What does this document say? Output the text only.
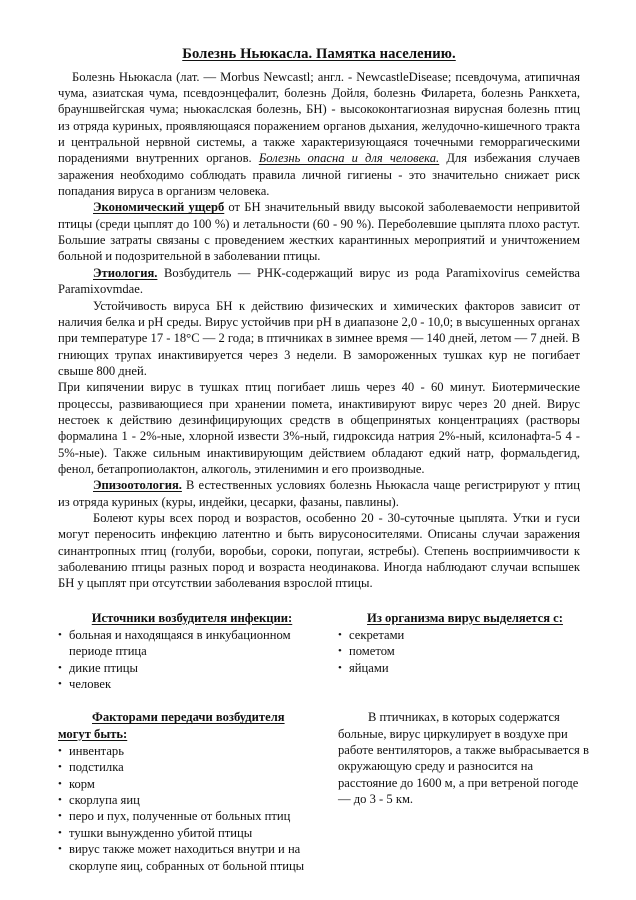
Болезнь Ньюкасла. Памятка населению.

Болезнь Ньюкасла (лат. — Morbus Newcastl; англ. - NewcastleDisease; псевдочума, атипичная чума, азиатская чума, псевдоэнцефалит, болезнь Дойля, болезнь Филарета, болезнь Ранкхета, брауншвейгская чума; ньюкаслская болезнь, БН) - высококонтагиозная вирусная болезнь птиц из отряда куриных, проявляющаяся поражением органов дыхания, желудочно-кишечного тракта и центральной нервной системы, а также характеризующаяся точечными геморрагическими порадениями внутренних органов. Болезнь опасна и для человека. Для избежания случаев заражения необходимо соблюдать правила личной гигиены - это значительно снижает риск попадания вируса в организм человека.

Экономический ущерб от БН значительный ввиду высокой заболеваемости непривитой птицы (среди цыплят до 100 %) и летальности (60 - 90 %). Переболевшие цыплята плохо растут. Большие затраты связаны с проведением жестких карантинных мероприятий и уничтожением больной и подозрительной в заболевании птицы.

Этиология. Возбудитель — РНК-содержащий вирус из рода Paramixovirus семейства Paramixovmdae.

Устойчивость вируса БН к действию физических и химических факторов зависит от наличия белка и рН среды. Вирус устойчив при рН в диапазоне 2,0 - 10,0; в высушенных органах при температуре 17 - 18°С — 2 года; в птичниках в зимнее время — 140 дней, летом — 7 дней. В гниющих трупах инактивируется через 3 недели. В замороженных тушках кур не погибает свыше 800 дней.

При кипячении вирус в тушках птиц погибает лишь через 40 - 60 минут. Биотермические процессы, развивающиеся при хранении помета, инактивируют вирус через 20 дней. Вирус нестоек к действию дезинфицирующих средств в общепринятых концентрациях (растворы формалина 1 - 2%-ные, хлорной извести 3%-ный, гидроксида натрия 2%-ный, ксилонафта-5 4 - 5%-ные). Также сильным инактивирующим действием обладают едкий натр, формальдегид, фенол, бетапропиолактон, алкоголь, этиленимин и его производные.

Эпизоотология. В естественных условиях болезнь Ньюкасла чаще регистрируют у птиц из отряда куриных (куры, индейки, цесарки, фазаны, павлины).

Болеют куры всех пород и возрастов, особенно 20 - 30-суточные цыплята. Утки и гуси могут переносить инфекцию латентно и быть вирусоносителями. Описаны случаи заражения синантропных птиц (голуби, воробьи, сороки, попугаи, ястребы). Степень восприимчивости к заболеванию птицы разных пород и возраста неодинакова. Иногда наблюдают случаи вспышек БН у цыплят при отсутствии заболевания взрослой птицы.

Источники возбудителя инфекции:

• больная и находящаяся в инкубационном периоде птица
• дикие птицы
• человек

Из организма вирус выделяется с:

• секретами
• пометом
• яйцами

Факторами передачи возбудителя
могут быть:

• инвентарь
• подстилка
• корм
• скорлупа яиц
• перо и пух, полученные от больных птиц
• тушки вынужденно убитой птицы
• вирус также может находиться внутри и на скорлупе яиц, собранных от больной птицы

В птичниках, в которых содержатся больные, вирус циркулирует в воздухе при работе вентиляторов, а также выбрасывается в окружающую среду и разносится на расстояние до 1600 м, а при ветреной погоде — до 3 - 5 км.
